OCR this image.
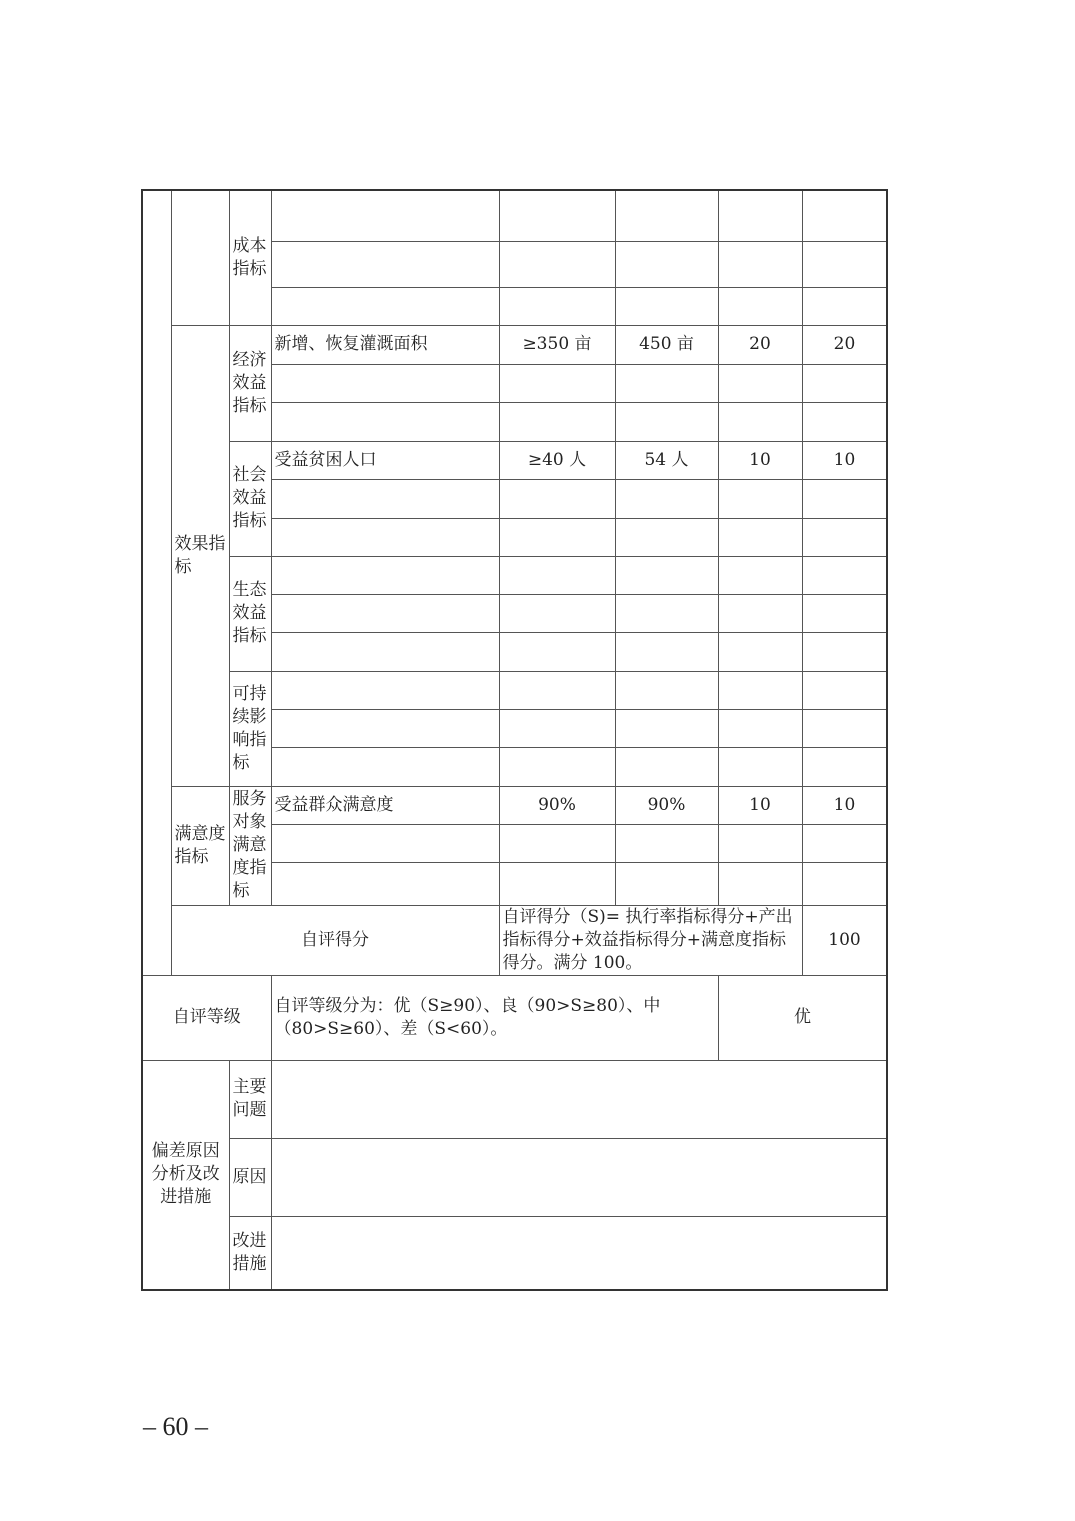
		成本指标						

	效果指标	经济效益指标	新增、恢复灌溉面积	≥350 亩	450 亩	20	20	

		社会效益指标	受益贫困人口	≥40 人	54 人	10	10	

		生态效益指标						

		可持续影响指标						

	满意度指标	服务对象满意度指标	受益群众满意度	90%	90%	10	10	

	自评得分			自评得分（S)= 执行率指标得分+产出指标得分+效益指标得分+满意度指标得分。满分 100。			100	
自评等级			自评等级分为：优（S≥90）、良（90>S≥80）、中（80>S≥60）、差（S<60）。			优		
偏差原因分析及改进措施		主要问题						
		原因						
		改进措施						
– 60 –
